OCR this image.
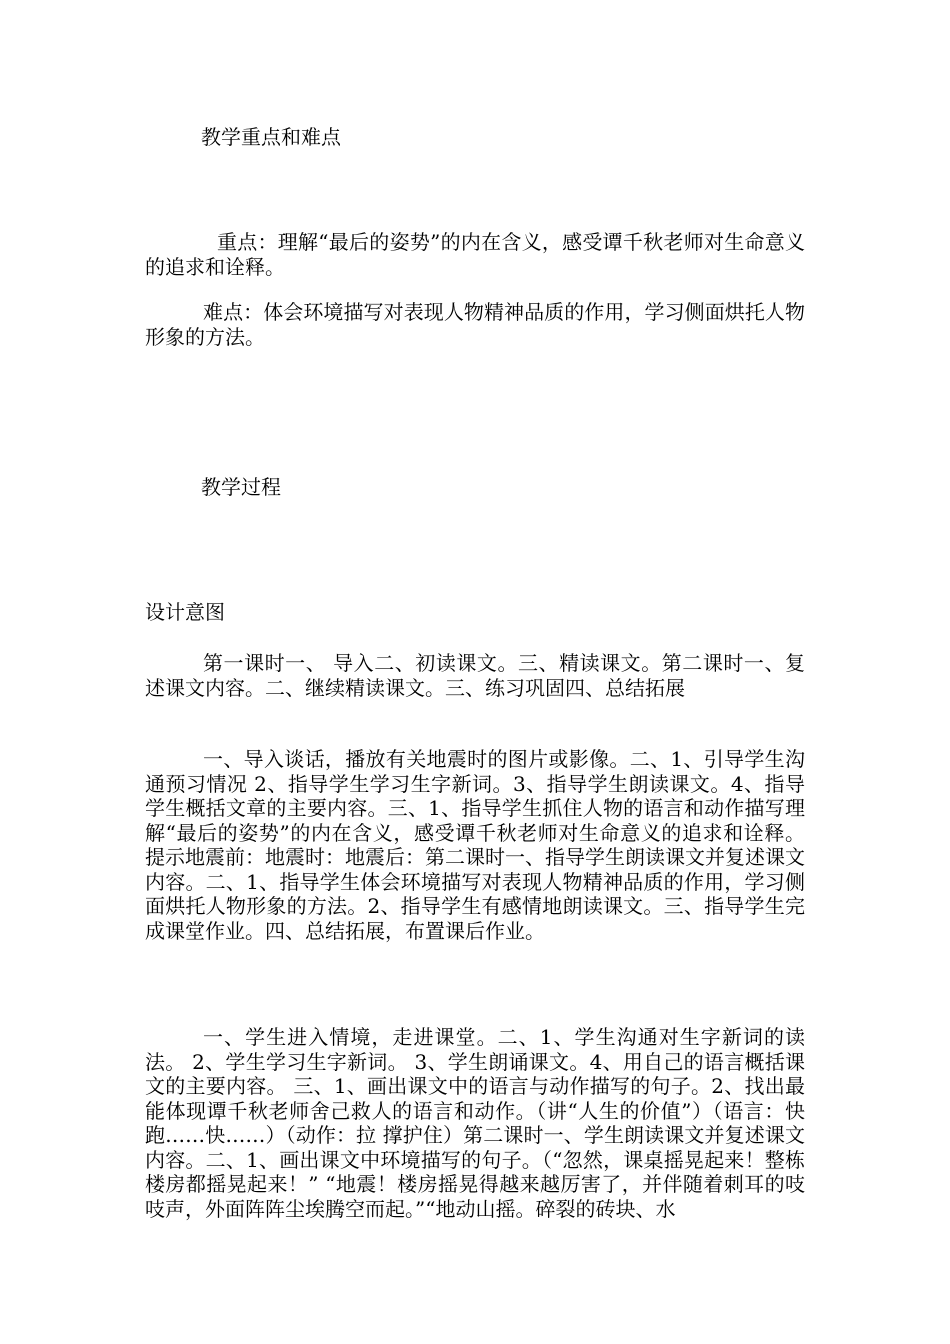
教学重点和难点

重点：理解“最后的姿势”的内在含义，感受谭千秋老师对生命意义的追求和诠释。

难点：体会环境描写对表现人物精神品质的作用，学习侧面烘托人物形象的方法。

教学过程

设计意图

第一课时一、 导入二、初读课文。三、精读课文。第二课时一、复述课文内容。二、继续精读课文。三、练习巩固四、总结拓展

一、导入谈话，播放有关地震时的图片或影像。二、1、引导学生沟通预习情况 2、指导学生学习生字新词。3、指导学生朗读课文。4、指导学生概括文章的主要内容。三、1、指导学生抓住人物的语言和动作描写理解“最后的姿势”的内在含义，感受谭千秋老师对生命意义的追求和诠释。提示地震前：地震时：地震后：第二课时一、指导学生朗读课文并复述课文内容。二、1、指导学生体会环境描写对表现人物精神品质的作用，学习侧面烘托人物形象的方法。2、指导学生有感情地朗读课文。三、指导学生完成课堂作业。四、总结拓展，布置课后作业。

一、学生进入情境，走进课堂。二、1、学生沟通对生字新词的读法。 2、学生学习生字新词。 3、学生朗诵课文。4、用自己的语言概括课文的主要内容。 三、1、画出课文中的语言与动作描写的句子。2、找出最能体现谭千秋老师舍己救人的语言和动作。（讲“人生的价值”）（语言：快跑……快……）（动作：拉 撑护住）第二课时一、学生朗读课文并复述课文内容。二、1、画出课文中环境描写的句子。（“忽然，课桌摇晃起来！整栋楼房都摇晃起来！” “地震！楼房摇晃得越来越厉害了，并伴随着刺耳的吱吱声，外面阵阵尘埃腾空而起。”“地动山摇。碎裂的砖块、水
